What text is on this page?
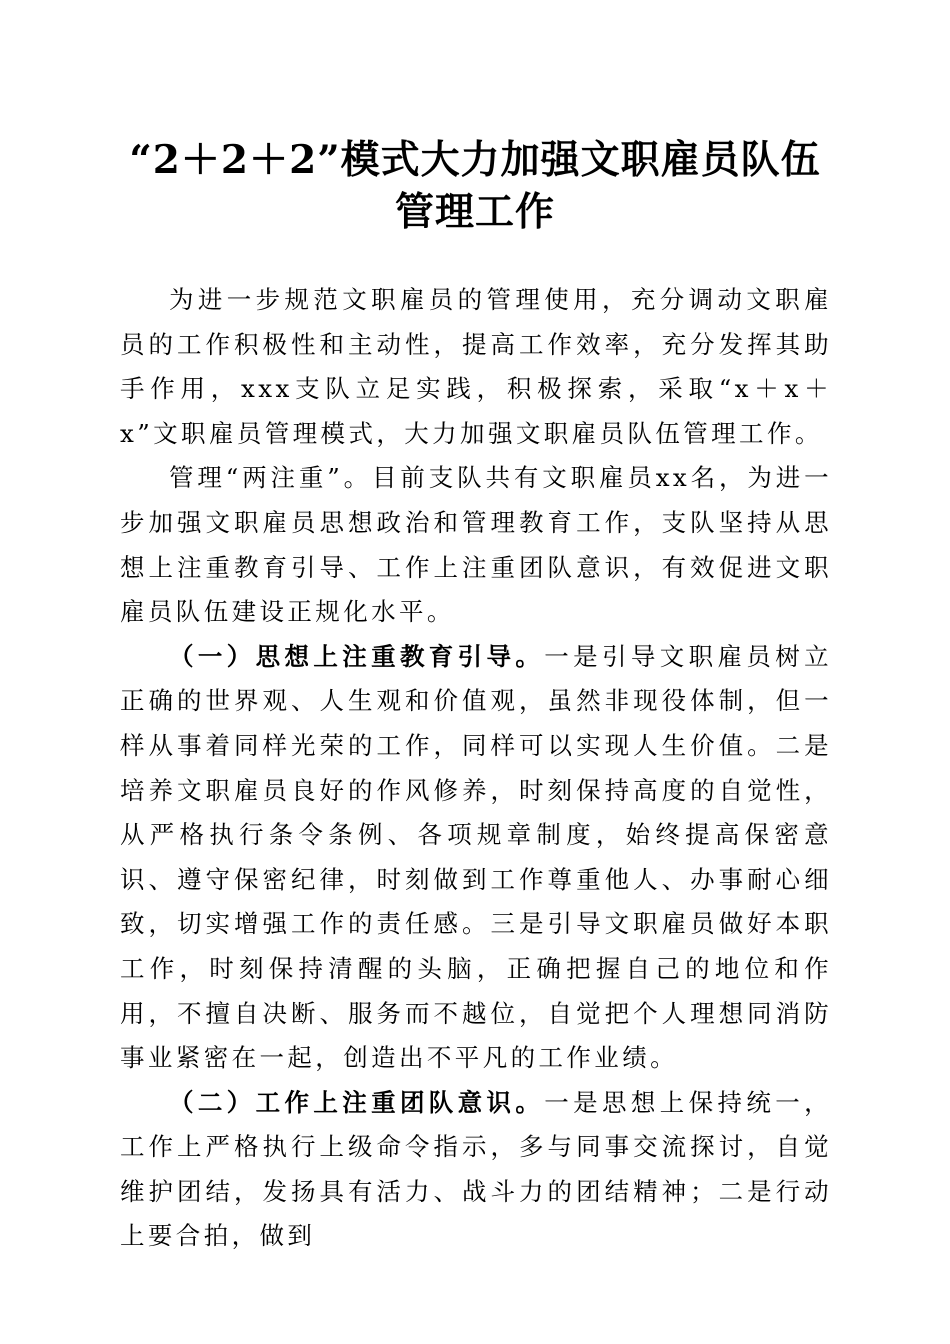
“2＋2＋2”模式大力加强文职雇员队伍管理工作

为进一步规范文职雇员的管理使用，充分调动文职雇员的工作积极性和主动性，提高工作效率，充分发挥其助手作用，xxx支队立足实践，积极探索，采取“x＋x＋x”文职雇员管理模式，大力加强文职雇员队伍管理工作。

管理“两注重”。目前支队共有文职雇员xx名，为进一步加强文职雇员思想政治和管理教育工作，支队坚持从思想上注重教育引导、工作上注重团队意识，有效促进文职雇员队伍建设正规化水平。

（一）思想上注重教育引导。一是引导文职雇员树立正确的世界观、人生观和价值观，虽然非现役体制，但一样从事着同样光荣的工作，同样可以实现人生价值。二是培养文职雇员良好的作风修养，时刻保持高度的自觉性，从严格执行条令条例、各项规章制度，始终提高保密意识、遵守保密纪律，时刻做到工作尊重他人、办事耐心细致，切实增强工作的责任感。三是引导文职雇员做好本职工作，时刻保持清醒的头脑，正确把握自己的地位和作用，不擅自决断、服务而不越位，自觉把个人理想同消防事业紧密在一起，创造出不平凡的工作业绩。

（二）工作上注重团队意识。一是思想上保持统一，工作上严格执行上级命令指示，多与同事交流探讨，自觉维护团结，发扬具有活力、战斗力的团结精神；二是行动上要合拍，做到
